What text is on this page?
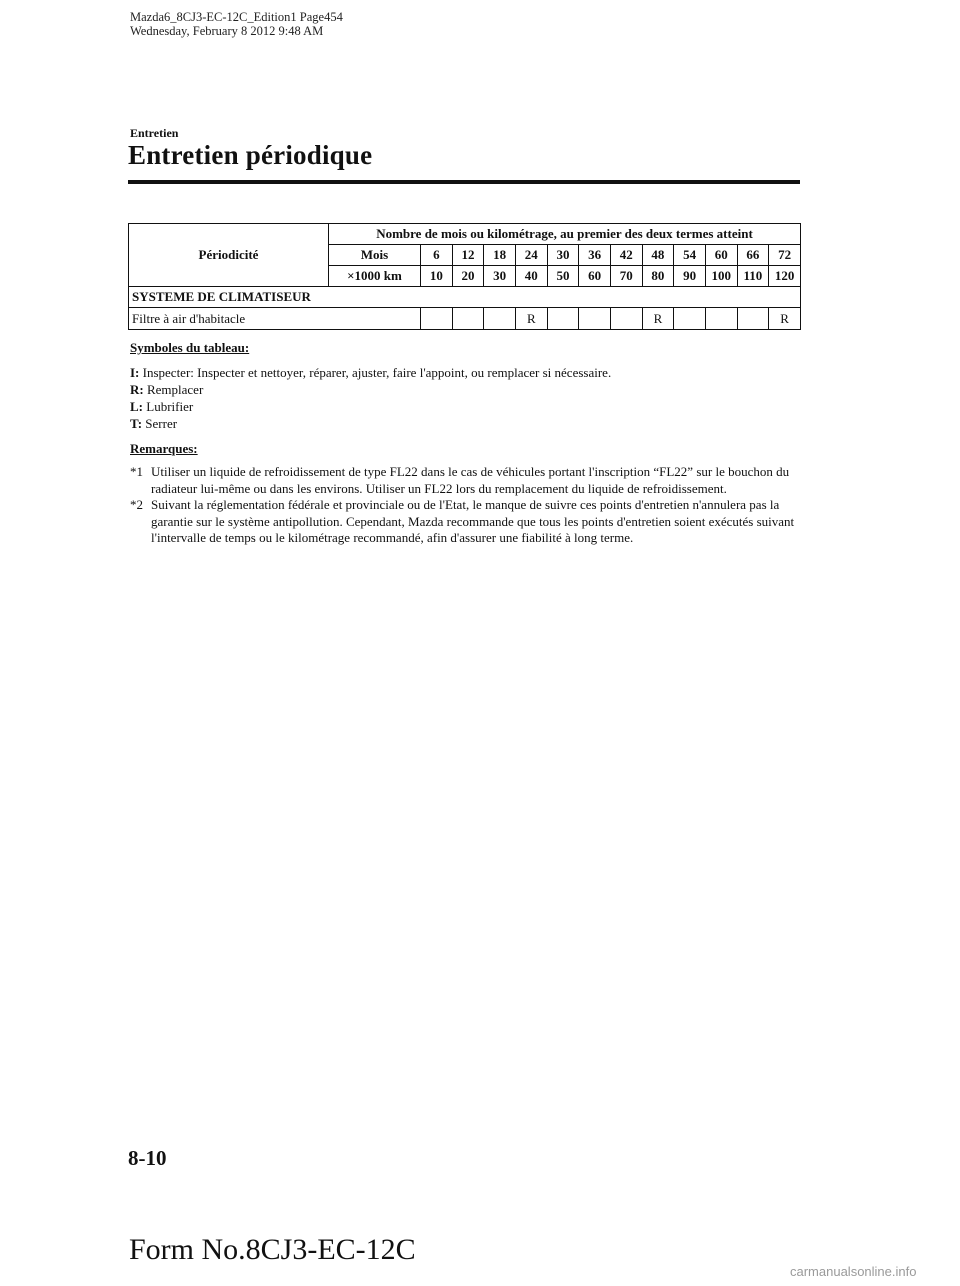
Mazda6_8CJ3-EC-12C_Edition1 Page454
Wednesday, February 8 2012 9:48 AM
Entretien
Entretien périodique
Périodicité	Nombre de mois ou kilométrage, au premier des deux termes atteint												
	Mois	6	12	18	24	30	36	42	48	54	60	66	72
	×1000 km	10	20	30	40	50	60	70	80	90	100	110	120
SYSTEME DE CLIMATISEUR													
Filtre à air d'habitacle					R				R				R
Symboles du tableau:
I: Inspecter: Inspecter et nettoyer, réparer, ajuster, faire l'appoint, ou remplacer si nécessaire.
R: Remplacer
L: Lubrifier
T: Serrer
Remarques:
*1 Utiliser un liquide de refroidissement de type FL22 dans le cas de véhicules portant l'inscription “FL22” sur le bouchon du radiateur lui-même ou dans les environs. Utiliser un FL22 lors du remplacement du liquide de refroidissement.
*2 Suivant la réglementation fédérale et provinciale ou de l'Etat, le manque de suivre ces points d'entretien n'annulera pas la garantie sur le système antipollution. Cependant, Mazda recommande que tous les points d'entretien soient exécutés suivant l'intervalle de temps ou le kilométrage recommandé, afin d'assurer une fiabilité à long terme.
8-10
Form No.8CJ3-EC-12C
carmanualsonline.info
